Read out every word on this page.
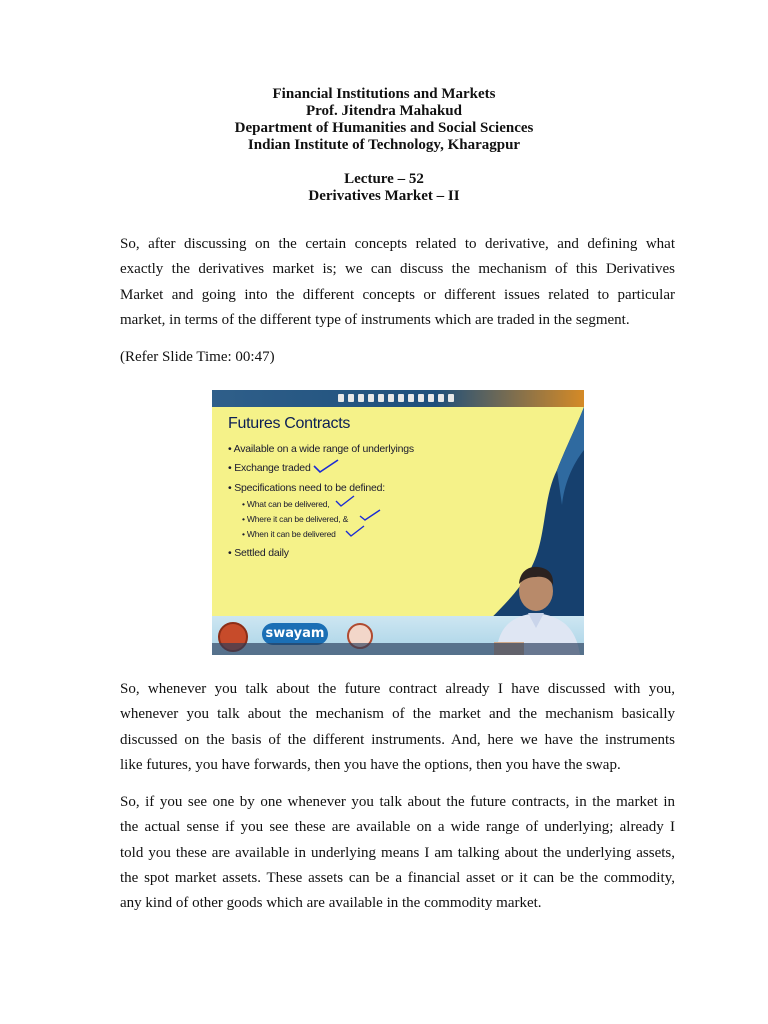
Financial Institutions and Markets
Prof. Jitendra Mahakud
Department of Humanities and Social Sciences
Indian Institute of Technology, Kharagpur
Lecture – 52
Derivatives Market – II
So, after discussing on the certain concepts related to derivative, and defining what
exactly the derivatives market is; we can discuss the mechanism of this Derivatives
Market and going into the different concepts or different issues related to particular
market, in terms of the different type of instruments which are traded in the segment.

(Refer Slide Time: 00:47)

Futures Contracts
• Available on a wide range of underlyings
• Exchange traded
• Specifications need to be defined:
• What can be delivered,
• Where it can be delivered, &
• When it can be delivered
• Settled daily
swayam
So, whenever you talk about the future contract already I have discussed with you,
whenever you talk about the mechanism of the market and the mechanism basically
discussed on the basis of the different instruments. And, here we have the instruments
like futures, you have forwards, then you have the options, then you have the swap.
So, if you see one by one whenever you talk about the future contracts, in the market in
the actual sense if you see these are available on a wide range of underlying; already I
told you these are available in underlying means I am talking about the underlying assets,
the spot market assets. These assets can be a financial asset or it can be the commodity,
any kind of other goods which are available in the commodity market.
